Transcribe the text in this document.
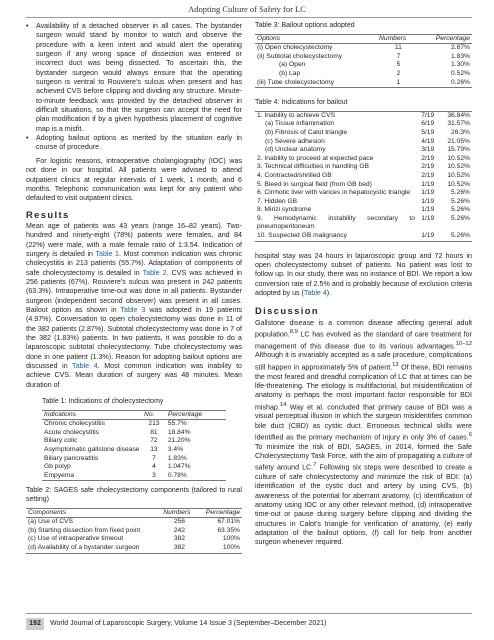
Adopting Culture of Safety for LC
•	Availability of a detached observer in all cases. The bystander surgeon would stand by monitor to watch and observe the procedure with a keen intent and would alert the operating surgeon if any wrong space of dissection was entered or incorrect duct was being dissected. To ascertain this, the bystander surgeon would always ensure that the operating surgeon is ventral to Rouviere’s sulcus when present and has achieved CVS before clipping and dividing any structure. Minute-to-minute feedback was provided by the detached observer in difficult situations, so that the surgeon can accept the need for plan modification if by a given hypothesis placement of cognitive map is a misfit.
•	Adopting bailout options as merited by the situation early in course of procedure.

For logistic reasons, intraoperative cholangiography (IOC) was not done in our hospital. All patients were advised to attend outpatient clinics at regular intervals of 1 week, 1 month, and 6 months. Telephonic communication was kept for any patient who defaulted to visit outpatient clinics.

Results

Mean age of patients was 43 years (range 16–82 years). Two-hundred and ninety-eight (78%) patients were females, and 84 (22%) were male, with a male female ratio of 1:3.54. Indication of surgery is detailed in Table 1. Most common indication was chronic cholecystitis in 213 patients (55.7%). Adaptation of components of safe cholecystectomy is detailed in Table 2. CVS was achieved in 256 patients (67%). Rouviere’s sulcus was present in 242 patients (63.3%). Intraoperative time-out was done in all patients. Bystander surgeon (independent second observer) was present in all cases. Bailout option as shown in Table 3 was adopted in 19 patients (4.97%). Conversation to open cholecystectomy was done in 11 of the 382 patients (2.87%). Subtotal cholecystectomy was done in 7 of the 382 (1.83%) patients. In two patients, it was possible to do a laparoscopic subtotal cholecystectomy. Tube cholecystectomy was done in one patient (1.3%). Reason for adopting bailout options are discussed in Table 4. Most common indication was inability to achieve CVS. Mean duration of surgery was 48 minutes. Mean duration of

Table 1: Indications of cholecystectomy

Indications	No.	Percentage
Chronic cholecystitis	213	55.7%
Acute cholecystitis	81	18.84%
Biliary colic	72	21.20%
Asymptomatic gallstone disease	13	3.4%
Biliary pancreatitis	7	1.83%
Gb polyp	4	1.047%
Empyema	3	0.78%

Table 2: SAGES safe cholecystectomy components (tailored to rural setting)

Components	Numbers	Percentage
(a) Use of CVS	256	67.01%
(b) Starting dissection from fixed point	242	63.35%
(c) Use of intraoperative timeout	382	100%
(d) Availability of a bystander surgeon	382	100%

Table 3: Bailout options adopted

Options	Numbers	Percentage
(i) Open cholecystectomy	11	2.87%
(ii) Subtotal cholecystectomy	7	1.83%
(a) Open	5	1.30%
(b) Lap	2	0.52%
(iii) Tube cholecystectomy	1	0.26%

Table 4: Indications for bailout

1. Inability to achieve CVS	7/19	36.84%
(a) Tissue inflammation	6/19	31.57%
(b) Fibrosis of Calot triangle	5/19	26.3%
(c) Severe adhesion	4/19	21.05%
(d) Unclear anatomy	3/19	15.79%
2. Inability to proceed at expected pace	2/19	10.52%
3. Technical difficulties in handling GB	2/19	10.52%
4. Contracted/shrilled GB	2/19	10.52%
5. Bleed in surgical field (from GB bed)	1/19	10.52%
6. Cirrhotic liver with varices in hepatocystic triangle	1/19	5.26%
7. Hidden GB	1/19	5.26%
8. Mirizi syndrome	1/19	5.26%
9. Hemodynamic instability secondary to pneumoperitoneum	1/19	5.26%
10. Suspected GB malignancy	1/19	5.26%

hospital stay was 24 hours in laparoscopic group and 72 hours in open cholecystectomy subset of patients. No patient was lost to follow up. In our study, there was no instance of BDI. We report a low conversion rate of 2.5% and is probably because of exclusion criteria adopted by us (Table 4).

Discussion

Gallstone disease is a common disease affecting general adult population.$^{8,9}$ LC has evolved as the standard of care treatment for management of this disease due to its various advantages.$^{10-12}$ Although it is invariably accepted as a safe procedure, complications still happen in approximately 5% of patient.$^{13}$ Of these, BDI remains the most feared and dreadful complication of LC that at times can be life-threatening. The etiology is multifactorial, but misidentification of anatomy is perhaps the most important factor responsible for BDI mishap.$^{14}$ Way et al. concluded that primary cause of BDI was a visual perceptual illusion in which the surgeon misidentifies common bile duct (CBD) as cystic duct. Erroneous technical skills were identified as the primary mechanism of injury in only 3% of cases.$^6$ To minimize the risk of BDI, SAGES, in 2014, formed the Safe Cholecystectomy Task Force, with the aim of propagating a culture of safety around LC.$^7$ Following six steps were described to create a culture of safe cholecystectomy and minimize the risk of BDI: (a) identification of the cystic duct and artery by using CVS, (b) awareness of the potential for aberrant anatomy, (c) identification of anatomy using IOC or any other relevant method, (d) intraoperative time-out or pause during surgery before clipping and dividing the structures in Calot’s triangle for verification of anatomy, (e) early adaptation of the bailout options, (f) call for help from another surgeon whenever required.

192	World Journal of Laparoscopic Surgery, Volume 14 Issue 3 (September–December 2021)
